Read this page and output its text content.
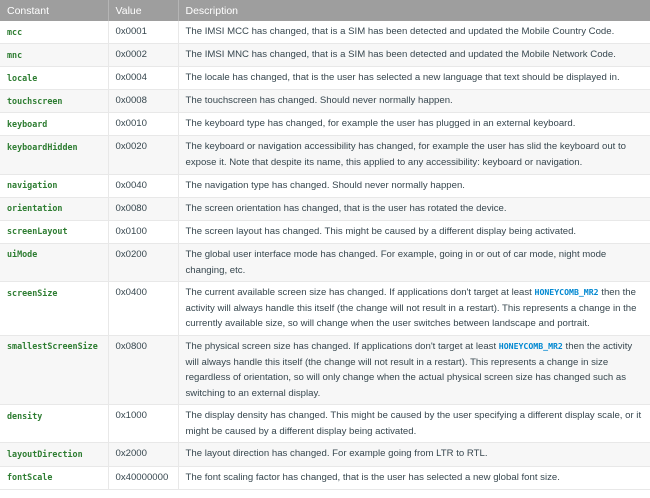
Constant	Value	Description
mcc	0x0001	The IMSI MCC has changed, that is a SIM has been detected and updated the Mobile Country Code.
mnc	0x0002	The IMSI MNC has changed, that is a SIM has been detected and updated the Mobile Network Code.
locale	0x0004	The locale has changed, that is the user has selected a new language that text should be displayed in.
touchscreen	0x0008	The touchscreen has changed. Should never normally happen.
keyboard	0x0010	The keyboard type has changed, for example the user has plugged in an external keyboard.
keyboardHidden	0x0020	The keyboard or navigation accessibility has changed, for example the user has slid the keyboard out to expose it. Note that despite its name, this applied to any accessibility: keyboard or navigation.
navigation	0x0040	The navigation type has changed. Should never normally happen.
orientation	0x0080	The screen orientation has changed, that is the user has rotated the device.
screenLayout	0x0100	The screen layout has changed. This might be caused by a different display being activated.
uiMode	0x0200	The global user interface mode has changed. For example, going in or out of car mode, night mode changing, etc.
screenSize	0x0400	The current available screen size has changed. If applications don't target at least HONEYCOMB_MR2 then the activity will always handle this itself (the change will not result in a restart). This represents a change in the currently available size, so will change when the user switches between landscape and portrait.
smallestScreenSize	0x0800	The physical screen size has changed. If applications don't target at least HONEYCOMB_MR2 then the activity will always handle this itself (the change will not result in a restart). This represents a change in size regardless of orientation, so will only change when the actual physical screen size has changed such as switching to an external display.
density	0x1000	The display density has changed. This might be caused by the user specifying a different display scale, or it might be caused by a different display being activated.
layoutDirection	0x2000	The layout direction has changed. For example going from LTR to RTL.
fontScale	0x40000000	The font scaling factor has changed, that is the user has selected a new global font size.
